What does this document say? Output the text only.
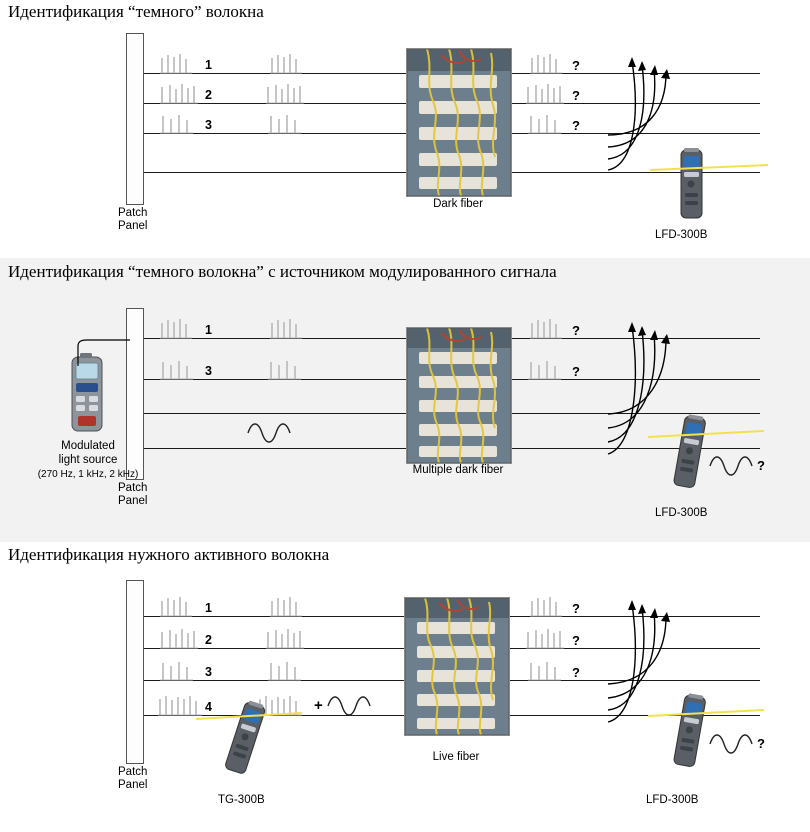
Идентификация “темного” волокна
Patch
Panel
1
2
3
Dark fiber
?
?
?
LFD-300B
Идентификация “темного волокна” с источником модулированного сигнала
Patch
Panel
Modulated
light source
(270 Hz, 1 kHz, 2 kHz)
1
3
Multiple dark fiber
?
?
?
LFD-300B
Идентификация нужного активного волокна
Patch
Panel
1
2
3
4	+
TG-300B
Live fiber
?
?
?
?
LFD-300B
